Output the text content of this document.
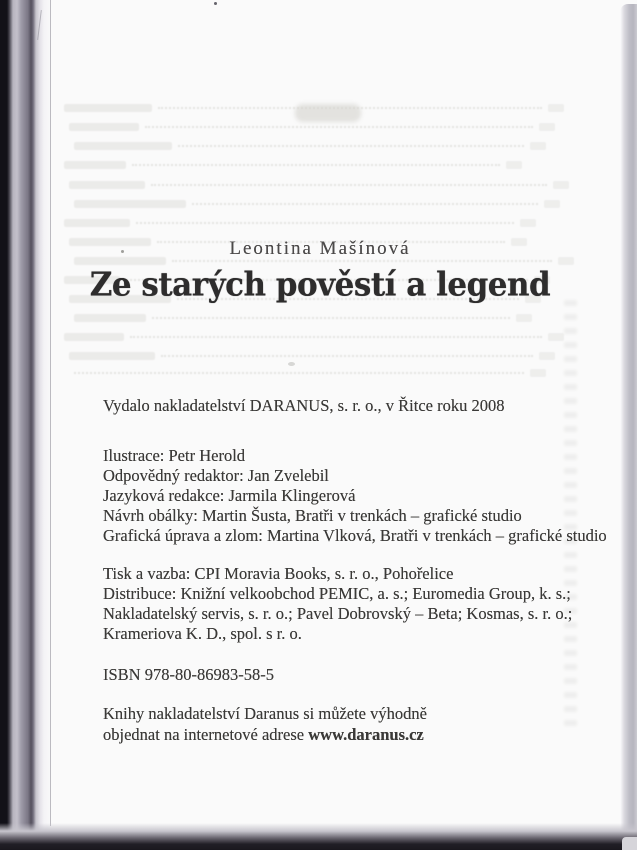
Leontina Mašínová
Ze starých pověstí a legend

Vydalo nakladatelství DARANUS, s. r. o., v Řitce roku 2008

Ilustrace: Petr Herold

Odpovědný redaktor: Jan Zvelebil

Jazyková redakce: Jarmila Klingerová

Návrh obálky: Martin Šusta, Bratři v trenkách – grafické studio

Grafická úprava a zlom: Martina Vlková, Bratři v trenkách – grafické studio

Tisk a vazba: CPI Moravia Books, s. r. o., Pohořelice

Distribuce: Knižní velkoobchod PEMIC, a. s.; Euromedia Group, k. s.;

Nakladatelský servis, s. r. o.; Pavel Dobrovský – Beta; Kosmas, s. r. o.;

Krameriova K. D., spol. s r. o.

ISBN 978-80-86983-58-5

Knihy nakladatelství Daranus si můžete výhodně

objednat na internetové adrese www.daranus.cz
